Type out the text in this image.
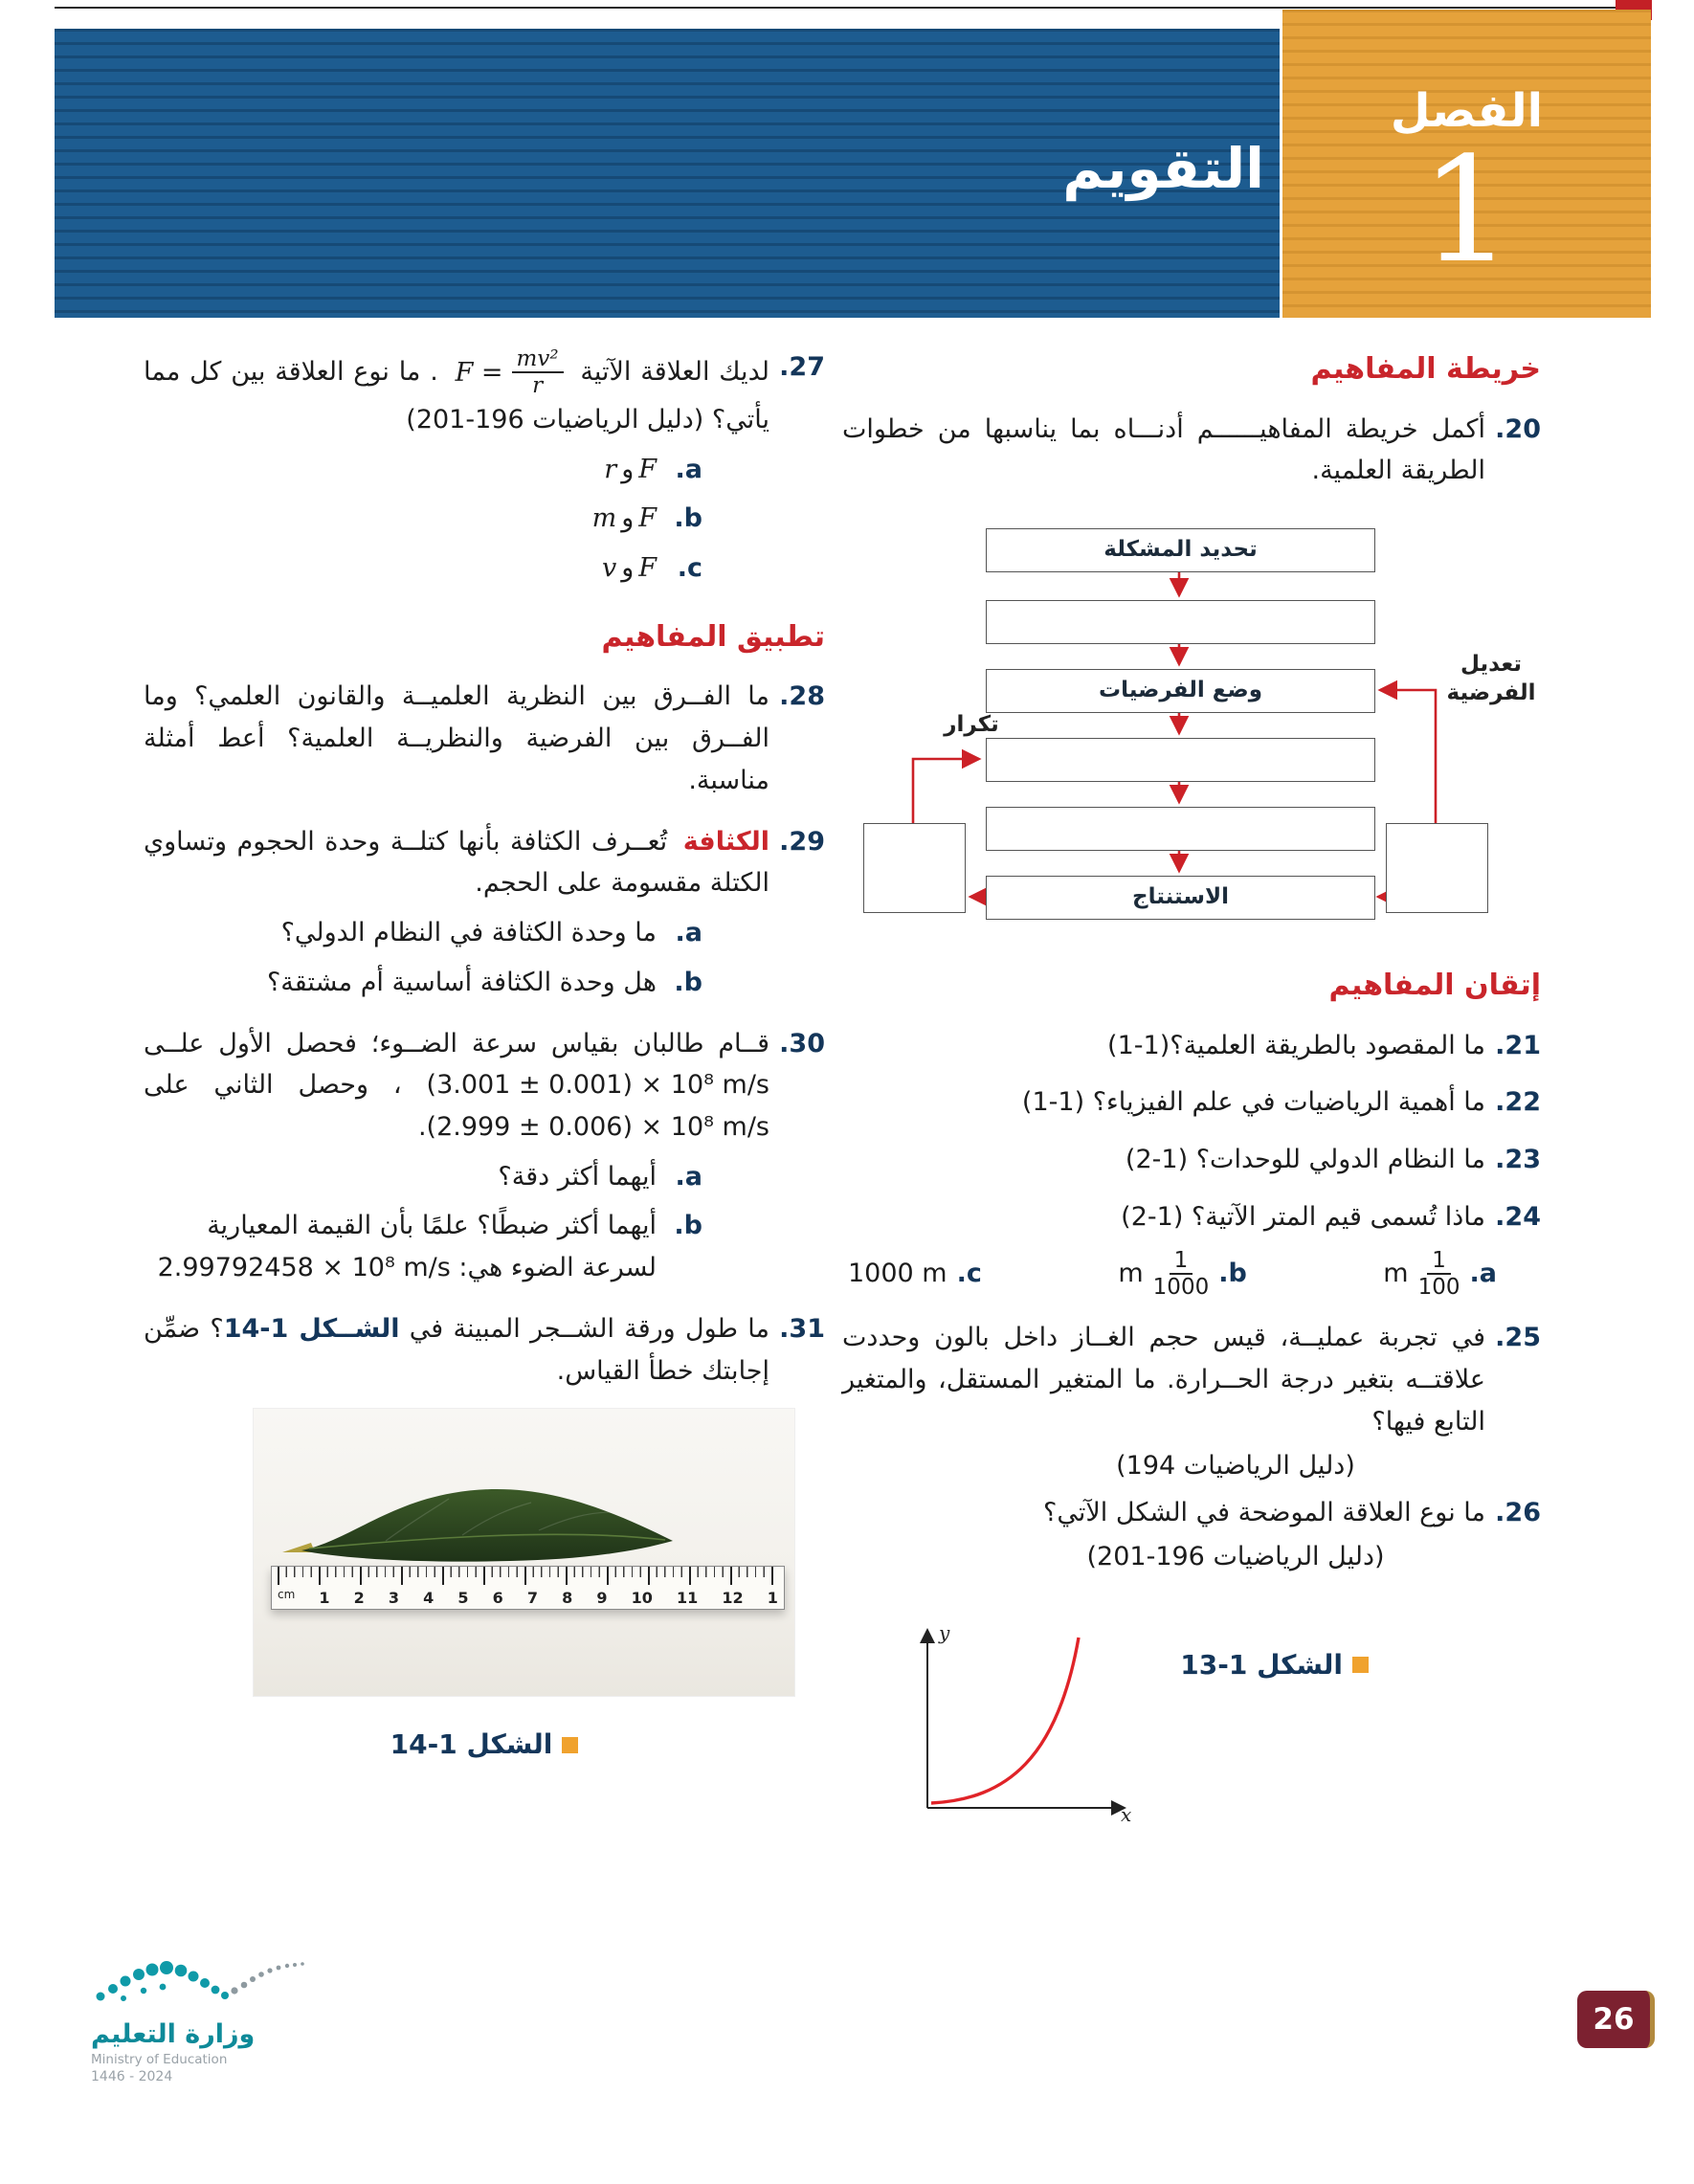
التقويم
الفصل
1
خريطة المفاهيم
20.
أكمل خريطة المفاهيــــــم أدنـــاه بما يناسبها من خطوات الطريقة العلمية.
تحديد المشكلة
وضع الفرضيات
الاستنتاج
تعديل الفرضية
تكرار
إتقان المفاهيم
21.
ما المقصود بالطريقة العلمية؟(1-1)
22.
ما أهمية الرياضيات في علم الفيزياء؟ (1-1)
23.
ما النظام الدولي للوحدات؟ (1-2)
24.
ماذا تُسمى قيم المتر الآتية؟ (1-2)
a.
$\frac{1}{100}$
m
b.
$\frac{1}{1000}$
m
c.
1000 m
25.
في تجربة عمليــة، قيس حجم الغــاز داخل بالون وحددت علاقتــه بتغير درجة الحــرارة. ما المتغير المستقل، والمتغير التابع فيها؟
(دليل الرياضيات 194)
26.
ما نوع العلاقة الموضحة في الشكل الآتي؟
(دليل الرياضيات 196-201)
الشكل 1-13
y
x
27.
لديك العلاقة الآتية
$F = \frac{\text{mv²}}{r}$
. ما نوع العلاقة بين كل مما يأتي؟ (دليل الرياضيات 196-201)
a.
Fوr
b.
Fوm
c.
Fوv
تطبيق المفاهيم
28.
ما الفــرق بين النظرية العلميــة والقانون العلمي؟ وما الفــرق بين الفرضية والنظريــة العلمية؟ أعط أمثلة مناسبة.
29.
الكثافة تُعــرف الكثافة بأنها كتلــة وحدة الحجوم وتساوي الكتلة مقسومة على الحجم.
a.
ما وحدة الكثافة في النظام الدولي؟
b.
هل وحدة الكثافة أساسية أم مشتقة؟
30.
قــام طالبان بقياس سرعة الضــوء؛ فحصل الأول علــى (3.001 ± 0.001) × 10⁸ m/s ، وحصل الثاني على (2.999 ± 0.006) × 10⁸ m/s.
a.
أيهما أكثر دقة؟
b.
أيهما أكثر ضبطًا؟ علمًا بأن القيمة المعيارية لسرعة الضوء هي: 2.99792458 × 10⁸ m/s
31.
ما طول ورقة الشــجر المبينة في الشــكل 1-14؟ ضمِّن إجابتك خطأ القياس.
cm 1 2 3 4 5 6 7 8 9 10 11 12 1
الشكل 1-14
وزارة التعليم
Ministry of Education
2024 - 1446
26
